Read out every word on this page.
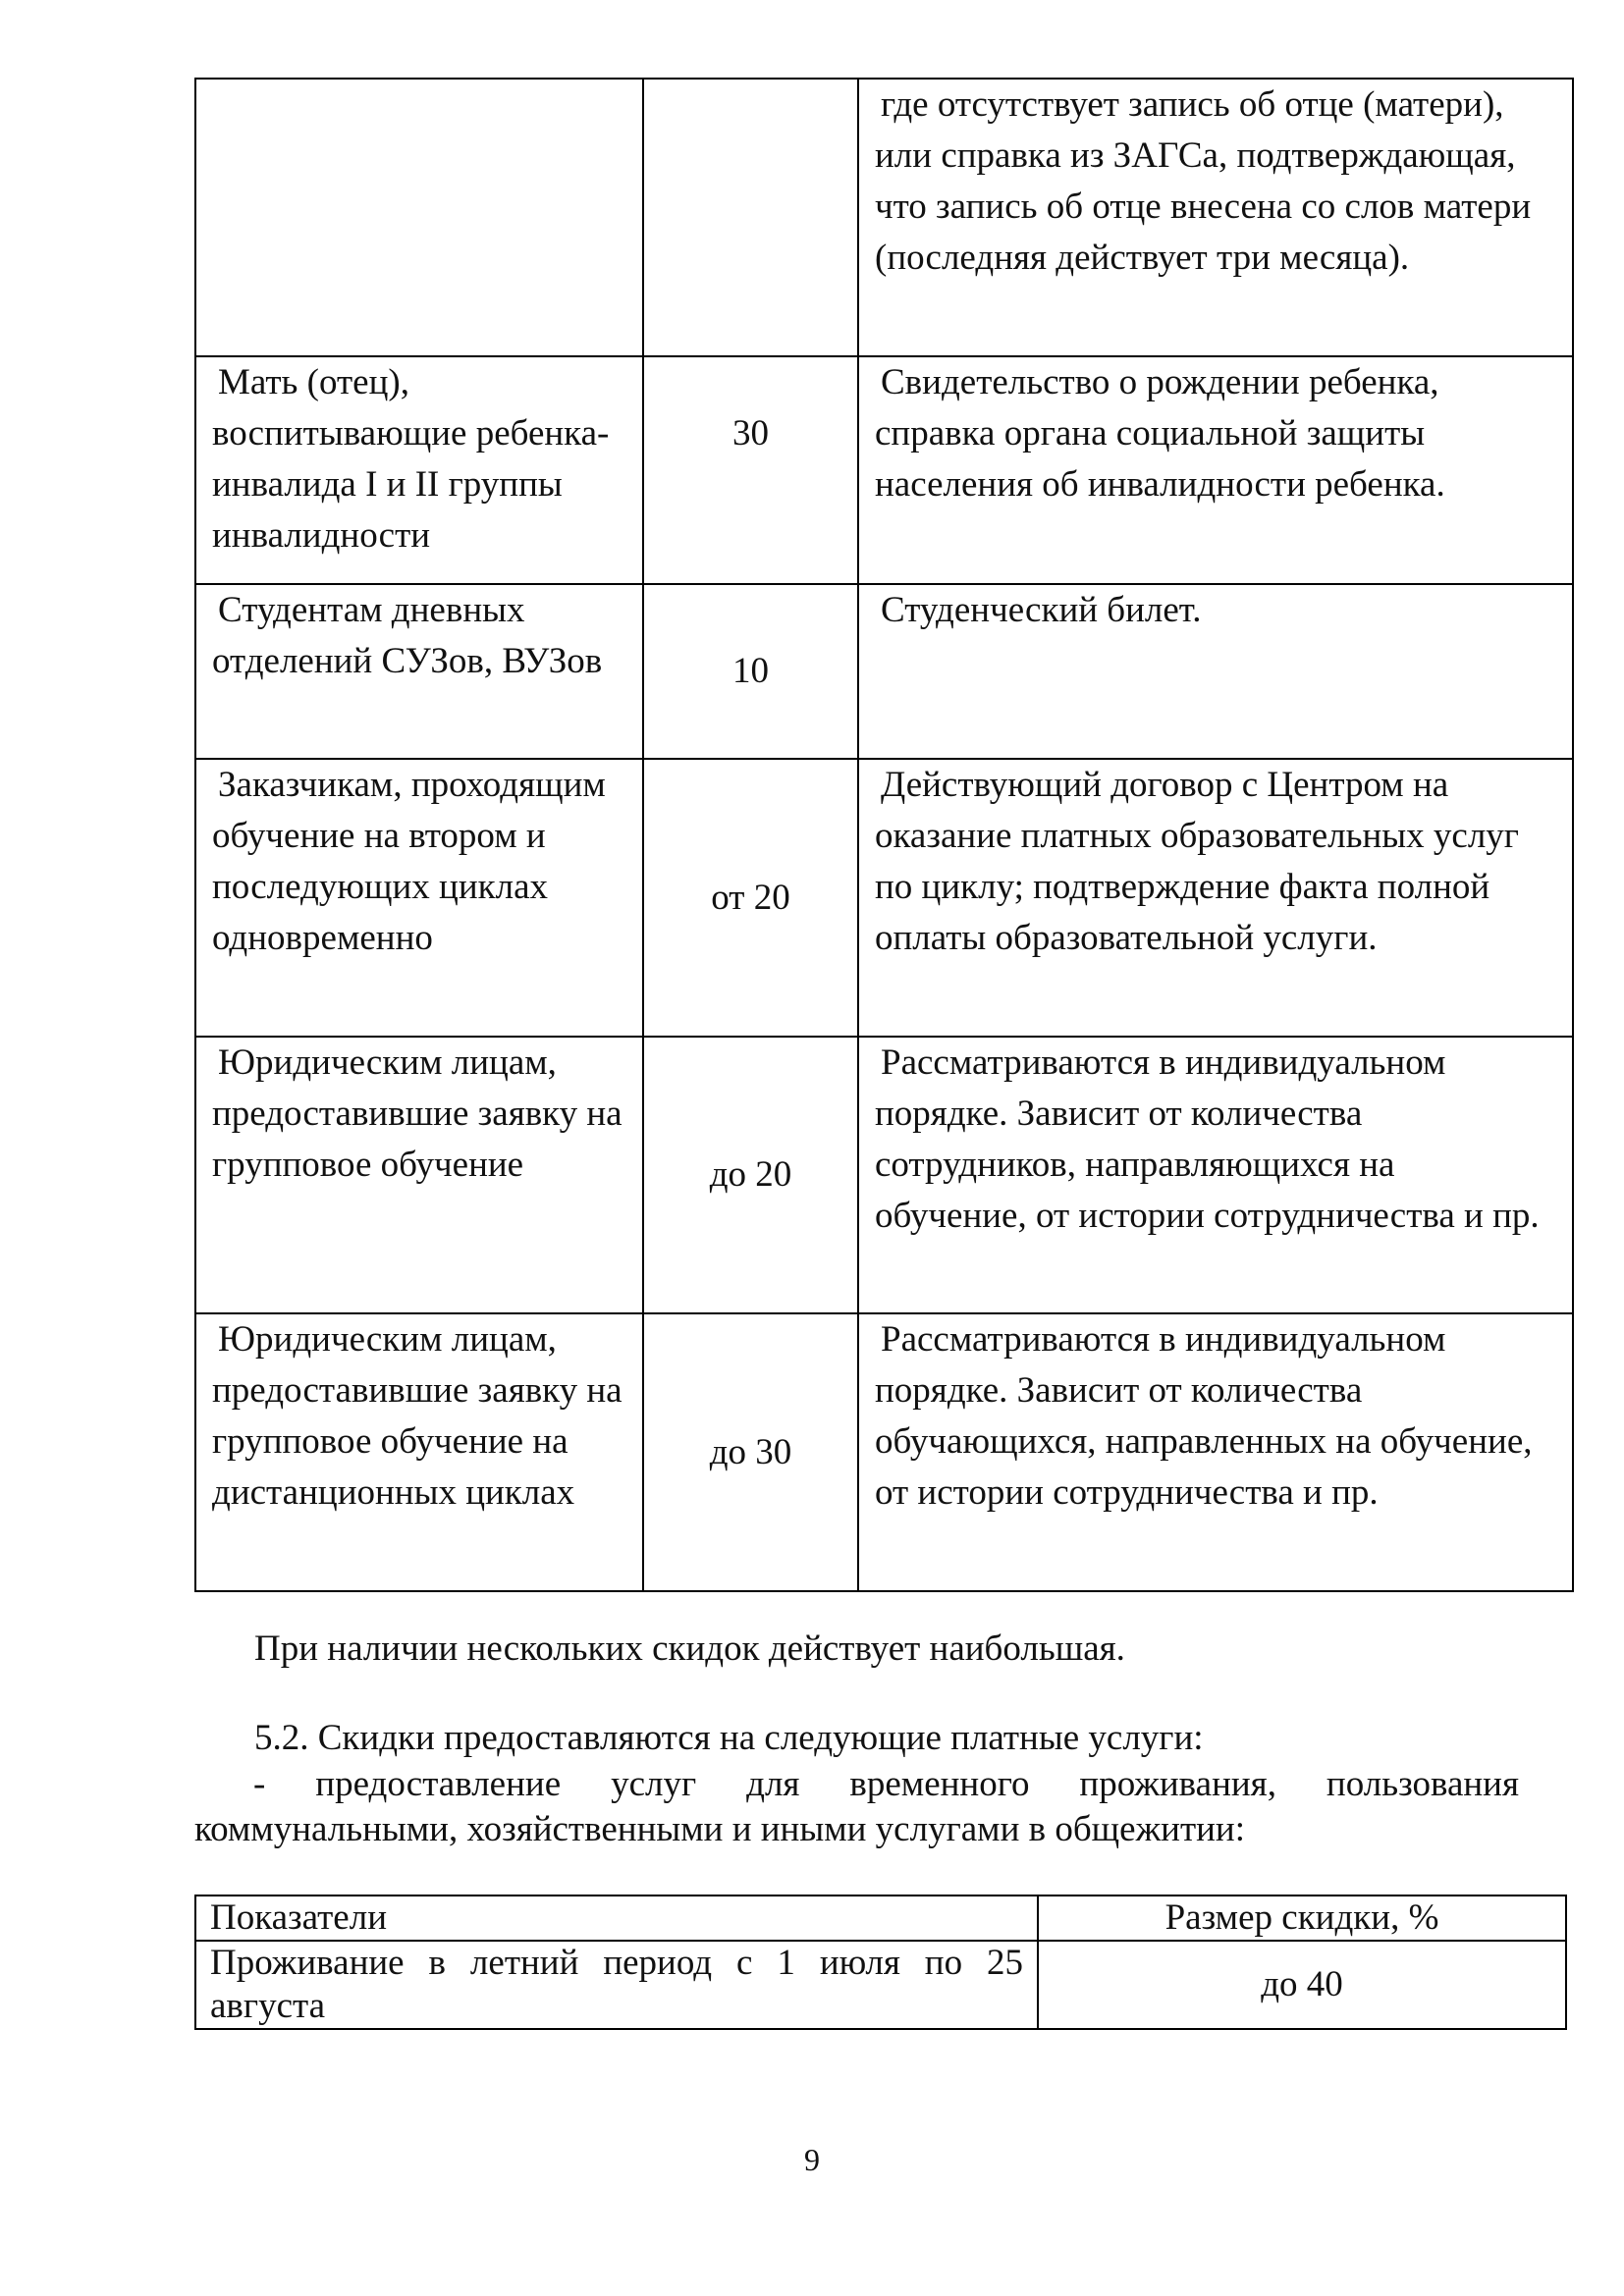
		где отсутствует запись об отце (матери), или справка из ЗАГСа, подтверждающая, что запись об отце внесена со слов матери (последняя действует три месяца).

Мать (отец), воспитывающие ребенка-инвалида I и II группы инвалидности	30	Свидетельство о рождении ребенка, справка органа социальной защиты населения об инвалидности ребенка.

Студентам дневных отделений СУЗов, ВУЗов	10	Студенческий билет.

Заказчикам, проходящим обучение на втором и последующих циклах одновременно	от 20	Действующий договор с Центром на оказание платных образовательных услуг по циклу; подтверждение факта полной оплаты образовательной услуги.

Юридическим лицам, предоставившие заявку на групповое обучение	до 20	Рассматриваются в индивидуальном порядке. Зависит от количества сотрудников, направляющихся на обучение, от истории сотрудничества и пр.

Юридическим лицам, предоставившие заявку на групповое обучение на дистанционных циклах	до 30	Рассматриваются в индивидуальном порядке. Зависит от количества обучающихся, направленных на обучение, от истории сотрудничества и пр.
При наличии нескольких скидок действует наибольшая.
5.2. Скидки предоставляются на следующие платные услуги:
- предоставление услуг для временного проживания, пользования коммунальными, хозяйственными и иными услугами в общежитии:
Показатели	Размер скидки, %
Проживание в летний период с 1 июля по 25 августа	до 40
9
